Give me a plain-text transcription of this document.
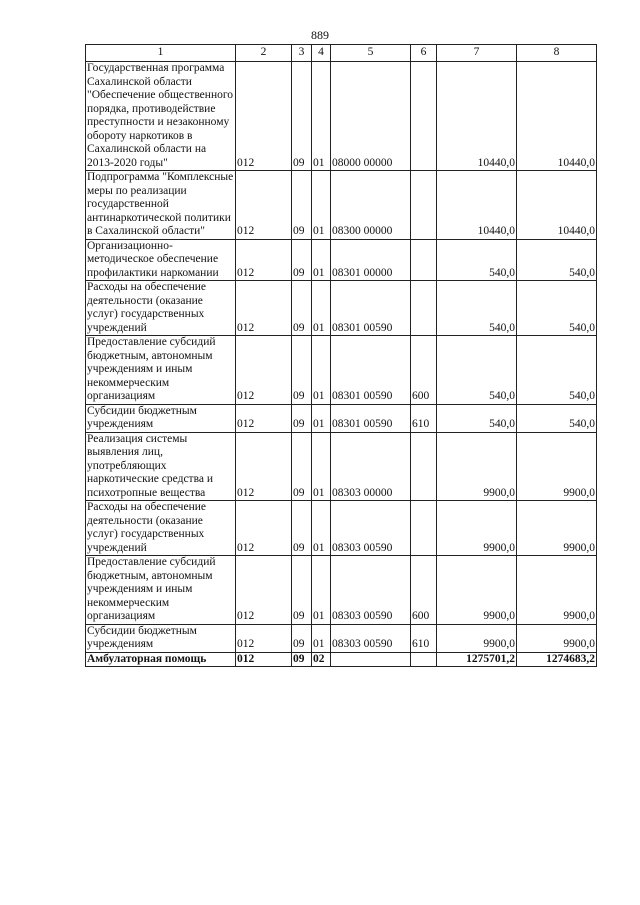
889
1	2	3	4	5	6	7	8
Государственная программа Сахалинской области "Обеспечение общественного порядка, противодействие преступности и незаконному обороту наркотиков в Сахалинской области на 2013-2020 годы"	012	09	01	08000 00000		10440,0	10440,0
Подпрограмма "Комплексные меры по реализации государственной антинаркотической политики в Сахалинской области"	012	09	01	08300 00000		10440,0	10440,0
Организационно-методическое обеспечение профилактики наркомании	012	09	01	08301 00000		540,0	540,0
Расходы на обеспечение деятельности (оказание услуг) государственных учреждений	012	09	01	08301 00590		540,0	540,0
Предоставление субсидий бюджетным, автономным учреждениям и иным некоммерческим организациям	012	09	01	08301 00590	600	540,0	540,0
Субсидии бюджетным учреждениям	012	09	01	08301 00590	610	540,0	540,0
Реализация системы выявления лиц, употребляющих наркотические средства и психотропные вещества	012	09	01	08303 00000		9900,0	9900,0
Расходы на обеспечение деятельности (оказание услуг) государственных учреждений	012	09	01	08303 00590		9900,0	9900,0
Предоставление субсидий бюджетным, автономным учреждениям и иным некоммерческим организациям	012	09	01	08303 00590	600	9900,0	9900,0
Субсидии бюджетным учреждениям	012	09	01	08303 00590	610	9900,0	9900,0
Амбулаторная помощь	012	09	02			1275701,2	1274683,2
